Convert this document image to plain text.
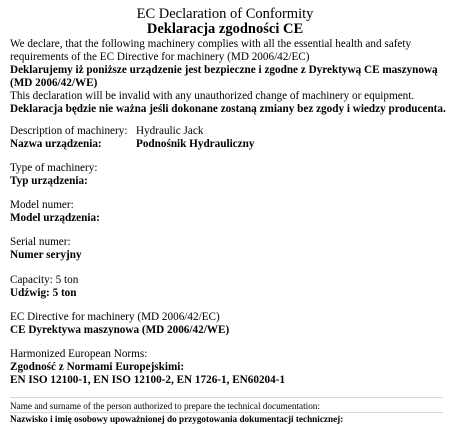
EC Declaration of Conformity
Deklaracja zgodności CE
We declare, that the following machinery complies with all the essential health and safety
requirements of the EC Directive for machinery (MD 2006/42/EC)
Deklarujemy iż poniższe urządzenie jest bezpieczne i zgodne z Dyrektywą CE maszynową
(MD 2006/42/WE)
This declaration will be invalid with any unauthorized change of machinery or equipment.
Deklaracja będzie nie ważna jeśli dokonane zostaną zmiany bez zgody i wiedzy producenta.
Description of machinery: Hydraulic Jack
Nazwa urządzenia:	Podnośnik Hydrauliczny
Type of machinery:
Typ urządzenia:
Model numer:
Model urządzenia:
Serial numer:
Numer seryjny
Capacity: 5 ton
Udźwig: 5 ton
EC Directive for machinery (MD 2006/42/EC)
CE Dyrektywa maszynowa (MD 2006/42/WE)
Harmonized European Norms:
Zgodność z Normami Europejskimi:
EN ISO 12100-1, EN ISO 12100-2, EN 1726-1, EN60204-1
Name and surname of the person authorized to prepare the technical documentation:
Nazwisko i imię osobowy upoważnionej do przygotowania dokumentacji technicznej:
